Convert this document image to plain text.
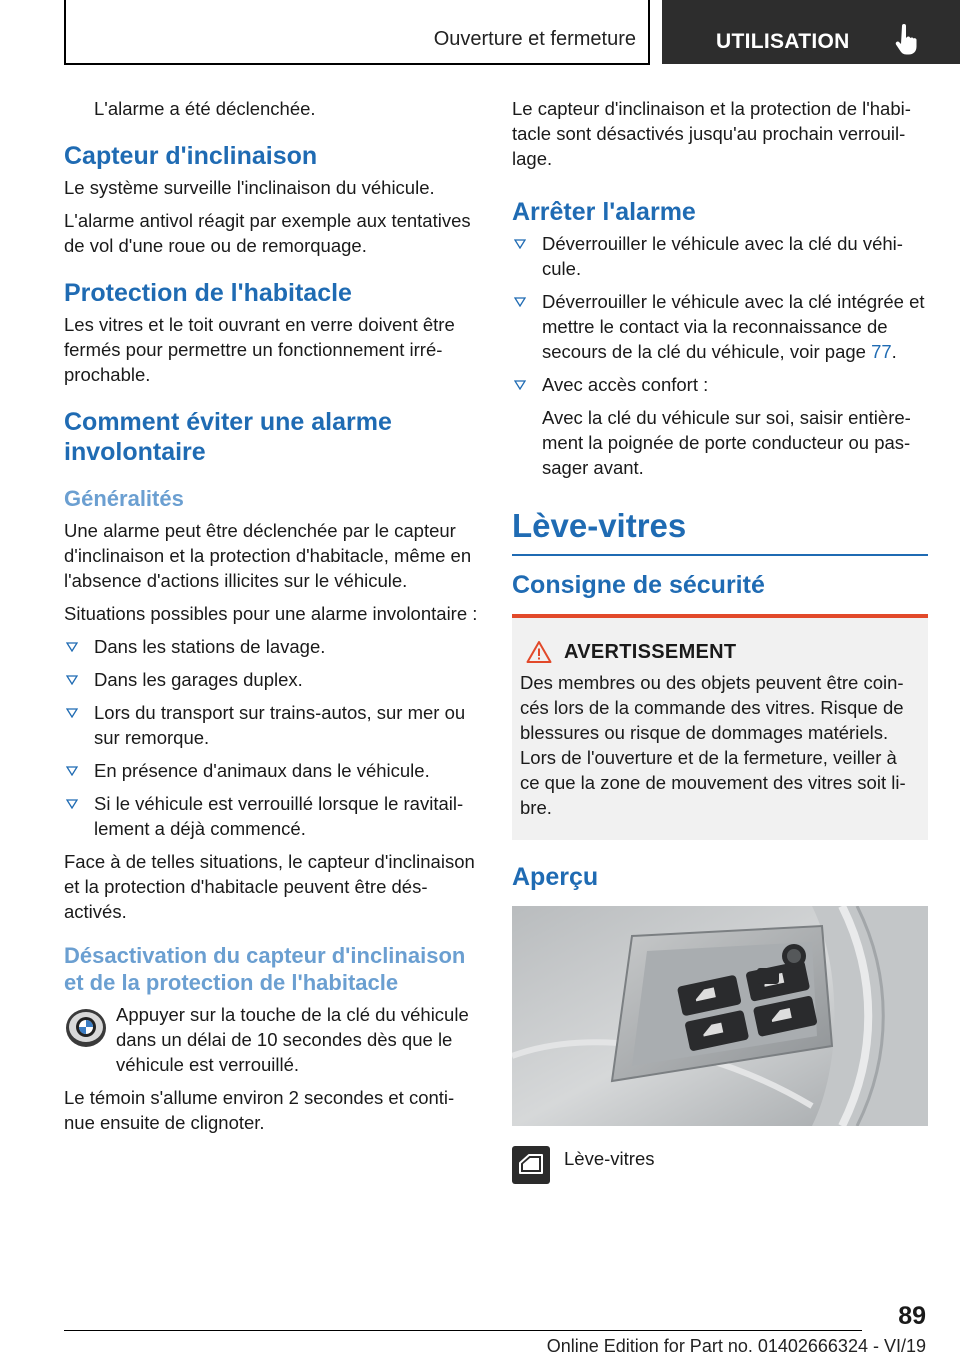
Ouverture et fermeture	UTILISATION

L'alarme a été déclenchée.

Capteur d'inclinaison

Le système surveille l'inclinaison du véhicule.

L'alarme antivol réagit par exemple aux tentatives de vol d'une roue ou de remorquage.

Protection de l'habitacle

Les vitres et le toit ouvrant en verre doivent être fermés pour permettre un fonctionnement irréprochable.

Comment éviter une alarme involontaire
Généralités

Une alarme peut être déclenchée par le capteur d'inclinaison et la protection d'habitacle, même en l'absence d'actions illicites sur le véhicule.

Situations possibles pour une alarme involontaire :

Dans les stations de lavage.
Dans les garages duplex.
Lors du transport sur trains-autos, sur mer ou sur remorque.
En présence d'animaux dans le véhicule.
Si le véhicule est verrouillé lorsque le ravitaillement a déjà commencé.

Face à de telles situations, le capteur d'inclinaison et la protection d'habitacle peuvent être désactivés.

Désactivation du capteur d'inclinaison et de la protection de l'habitacle

Appuyer sur la touche de la clé du véhicule dans un délai de 10 secondes dès que le véhicule est verrouillé.

Le témoin s'allume environ 2 secondes et continue ensuite de clignoter.

Le capteur d'inclinaison et la protection de l'habitacle sont désactivés jusqu'au prochain verrouillage.

Arrêter l'alarme
Déverrouiller le véhicule avec la clé du véhicule.
Déverrouiller le véhicule avec la clé intégrée et mettre le contact via la reconnaissance de secours de la clé du véhicule, voir page 77.
Avec accès confort :
Avec la clé du véhicule sur soi, saisir entièrement la poignée de porte conducteur ou passager avant.
Lève-vitres
Consigne de sécurité
AVERTISSEMENT

Des membres ou des objets peuvent être coincés lors de la commande des vitres. Risque de blessures ou risque de dommages matériels. Lors de l'ouverture et de la fermeture, veiller à ce que la zone de mouvement des vitres soit libre.

Aperçu

Lève-vitres

89
Online Edition for Part no. 01402666324 - VI/19
